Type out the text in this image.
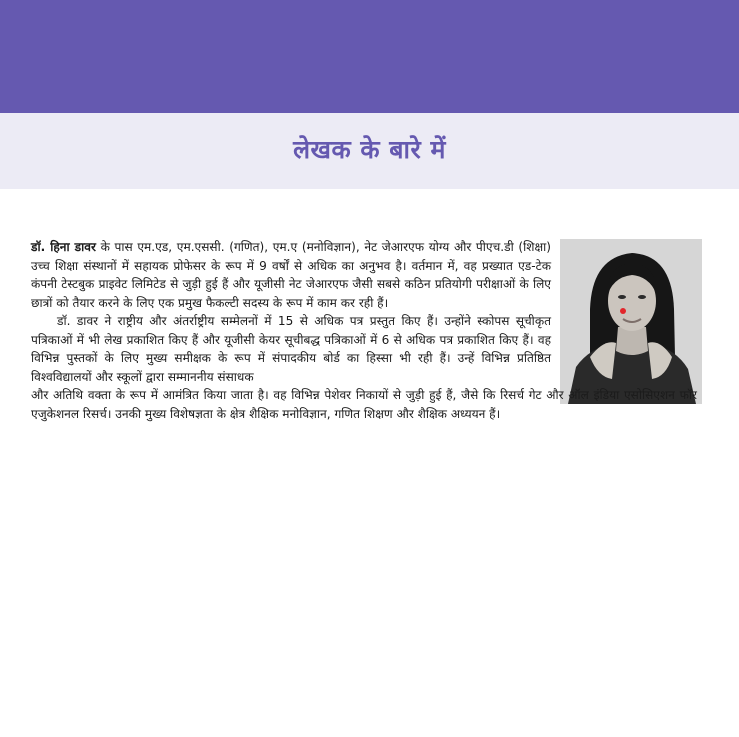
लेखक के बारे में

डॉ. हिना डावर के पास एम.एड, एम.एससी. (गणित), एम.ए (मनोविज्ञान), नेट जेआरएफ योग्य और पीएच.डी (शिक्षा) उच्च शिक्षा संस्थानों में सहायक प्रोफेसर के रूप में 9 वर्षों से अधिक का अनुभव है। वर्तमान में, वह प्रख्यात एड-टेक कंपनी टेस्टबुक प्राइवेट लिमिटेड से जुड़ी हुई हैं और यूजीसी नेट जेआरएफ जैसी सबसे कठिन प्रतियोगी परीक्षाओं के लिए छात्रों को तैयार करने के लिए एक प्रमुख फैकल्टी सदस्य के रूप में काम कर रही हैं।

डॉ. डावर ने राष्ट्रीय और अंतर्राष्ट्रीय सम्मेलनों में 15 से अधिक पत्र प्रस्तुत किए हैं। उन्होंने स्कोपस सूचीकृत पत्रिकाओं में भी लेख प्रकाशित किए हैं और यूजीसी केयर सूचीबद्ध पत्रिकाओं में 6 से अधिक पत्र प्रकाशित किए हैं। वह विभिन्न पुस्तकों के लिए मुख्य समीक्षक के रूप में संपादकीय बोर्ड का हिस्सा भी रही हैं। उन्हें विभिन्न प्रतिष्ठित विश्वविद्यालयों और स्कूलों द्वारा सम्माननीय संसाधक

और अतिथि वक्ता के रूप में आमंत्रित किया जाता है। वह विभिन्न पेशेवर निकायों से जुड़ी हुई हैं, जैसे कि रिसर्च गेट और ऑल इंडिया एसोसिएशन फॉर एजुकेशनल रिसर्च। उनकी मुख्य विशेषज्ञता के क्षेत्र शैक्षिक मनोविज्ञान, गणित शिक्षण और शैक्षिक अध्ययन हैं।
